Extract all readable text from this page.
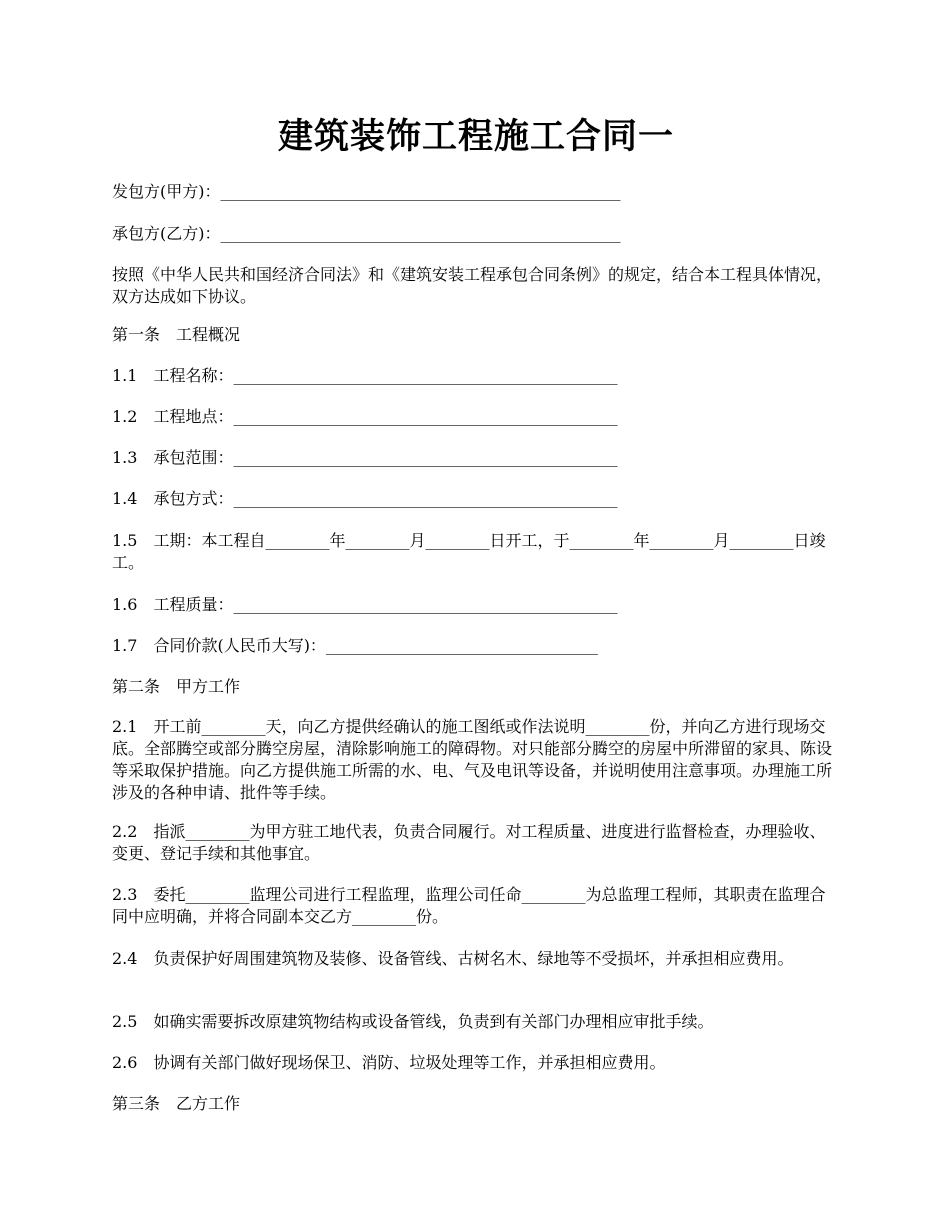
建筑装饰工程施工合同一

发包方(甲方)：__________________________________________________

承包方(乙方)：__________________________________________________

按照《中华人民共和国经济合同法》和《建筑安装工程承包合同条例》的规定，结合本工程具体情况，双方达成如下协议。

第一条　工程概况

1.1　工程名称：________________________________________________

1.2　工程地点：________________________________________________

1.3　承包范围：________________________________________________

1.4　承包方式：________________________________________________

1.5　工期：本工程自________年________月________日开工，于________年________月________日竣工。

1.6　工程质量：________________________________________________

1.7　合同价款(人民币大写)：__________________________________

第二条　甲方工作

2.1　开工前________天，向乙方提供经确认的施工图纸或作法说明________份，并向乙方进行现场交底。全部腾空或部分腾空房屋，清除影响施工的障碍物。对只能部分腾空的房屋中所滞留的家具、陈设等采取保护措施。向乙方提供施工所需的水、电、气及电讯等设备，并说明使用注意事项。办理施工所涉及的各种申请、批件等手续。

2.2　指派________为甲方驻工地代表，负责合同履行。对工程质量、进度进行监督检查，办理验收、变更、登记手续和其他事宜。

2.3　委托________监理公司进行工程监理，监理公司任命________为总监理工程师，其职责在监理合同中应明确，并将合同副本交乙方________份。

2.4　负责保护好周围建筑物及装修、设备管线、古树名木、绿地等不受损坏，并承担相应费用。

2.5　如确实需要拆改原建筑物结构或设备管线，负责到有关部门办理相应审批手续。

2.6　协调有关部门做好现场保卫、消防、垃圾处理等工作，并承担相应费用。

第三条　乙方工作
